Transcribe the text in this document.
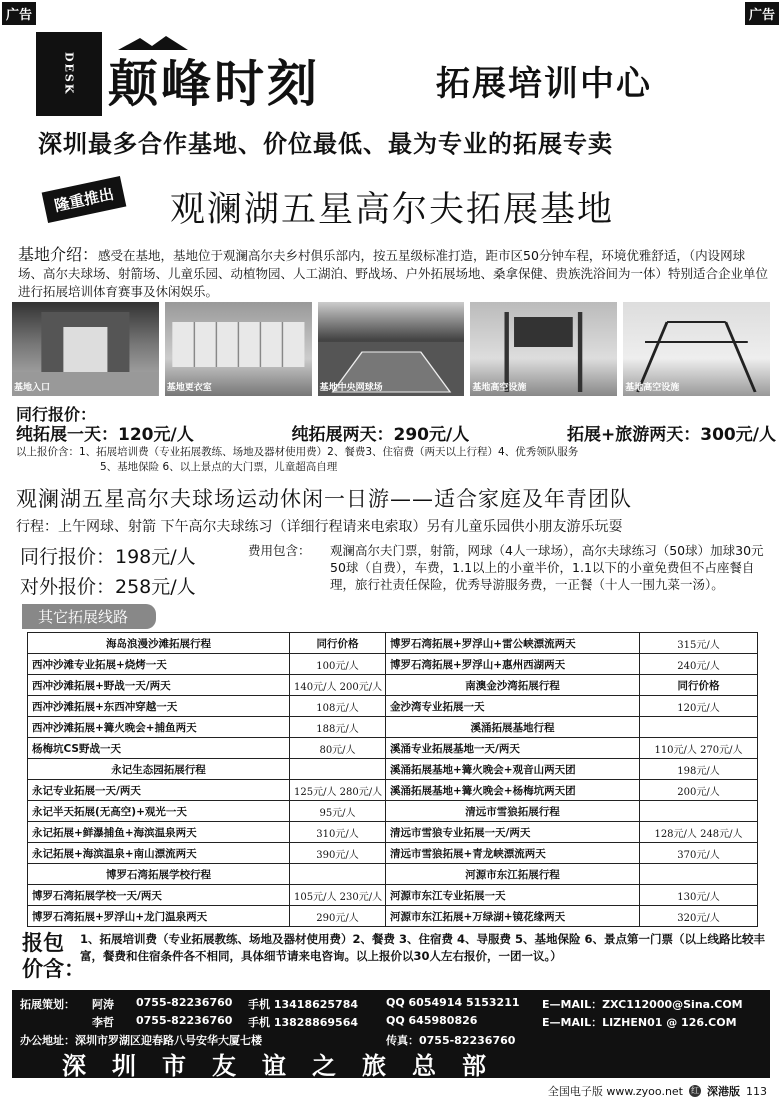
广告	广告
DESK 颠峰时刻	拓展培训中心
深圳最多合作基地、价位最低、最为专业的拓展专卖
隆重推出	观澜湖五星高尔夫拓展基地
基地介绍：感受在基地，基地位于观澜高尔夫乡村俱乐部内，按五星级标准打造，距市区50分钟车程，环境优雅舒适，（内设网球场、高尔夫球场、射箭场、儿童乐园、动植物园、人工湖泊、野战场、户外拓展场地、桑拿保健、贵族洗浴间为一体）特别适合企业单位进行拓展培训体育赛事及休闲娱乐。
基地入口	基地更衣室	基地中央网球场	基地高空设施	基地高空设施
同行报价：
纯拓展一天：120元/人	纯拓展两天：290元/人	拓展+旅游两天：300元/人
以上报价含：1、拓展培训费（专业拓展教练、场地及器材使用费）2、餐费3、住宿费（两天以上行程）4、优秀领队服务
5、基地保险 6、以上景点的大门票，儿童超高自理
观澜湖五星高尔夫球场运动休闲一日游——适合家庭及年青团队
行程：上午网球、射箭 下午高尔夫球练习（详细行程请来电索取）另有儿童乐园供小朋友游乐玩耍
同行报价：198元/人
对外报价：258元/人
费用包含： 观澜高尔夫门票，射箭，网球（4人一球场），高尔夫球练习（50球）加球30元50球（自费），车费，1.1以上的小童半价，1.1以下的小童免费但不占座餐自理，旅行社责任保险，优秀导游服务费，一正餐（十人一围九菜一汤）。
其它拓展线路
海岛浪漫沙滩拓展行程	同行价格	博罗石湾拓展+罗浮山+雷公峡漂流两天	315元/人
西冲沙滩专业拓展+烧烤一天	100元/人	博罗石湾拓展+罗浮山+惠州西湖两天	240元/人
西冲沙滩拓展+野战一天/两天	140元/人 200元/人	南澳金沙湾拓展行程	同行价格
西冲沙滩拓展+东西冲穿越一天	108元/人	金沙湾专业拓展一天	120元/人
西冲沙滩拓展+篝火晚会+捕鱼两天	188元/人	溪涌拓展基地行程	
杨梅坑CS野战一天	80元/人	溪涌专业拓展基地一天/两天	110元/人 270元/人
永记生态园拓展行程		溪涌拓展基地+篝火晚会+观音山两天团	198元/人
永记专业拓展一天/两天	125元/人 280元/人	溪涌拓展基地+篝火晚会+杨梅坑两天团	200元/人
永记半天拓展(无高空)+观光一天	95元/人	清远市雪狼拓展行程	
永记拓展+鲜瀑捕鱼+海滨温泉两天	310元/人	清远市雪狼专业拓展一天/两天	128元/人 248元/人
永记拓展+海滨温泉+南山漂流两天	390元/人	清远市雪狼拓展+青龙峡漂流两天	370元/人
博罗石湾拓展学校行程		河源市东江拓展行程	
博罗石湾拓展学校一天/两天	105元/人 230元/人	河源市东江专业拓展一天	130元/人
博罗石湾拓展+罗浮山+龙门温泉两天	290元/人	河源市东江拓展+万绿湖+镜花缘两天	320元/人
报包
价含：
1、拓展培训费（专业拓展教练、场地及器材使用费）2、餐费 3、住宿费 4、导服费 5、基地保险 6、景点第一门票（以上线路比较丰富，餐费和住宿条件各不相同，具体细节请来电咨询。以上报价以30人左右报价，一团一议。）
拓展策划： 阿涛 0755-82236760 手机 13418625784	QQ 6054914 5153211 E—MAIL：ZXC112000@Sina.COM
李哲 0755-82236760 手机 13828869564	QQ 645980826	E—MAIL：LIZHEN01 @ 126.COM
办公地址：深圳市罗湖区迎春路八号安华大厦七楼	传真：0755-82236760
深圳市友谊之旅总部
全国电子版 www.zyoo.net 红 深港版 113
